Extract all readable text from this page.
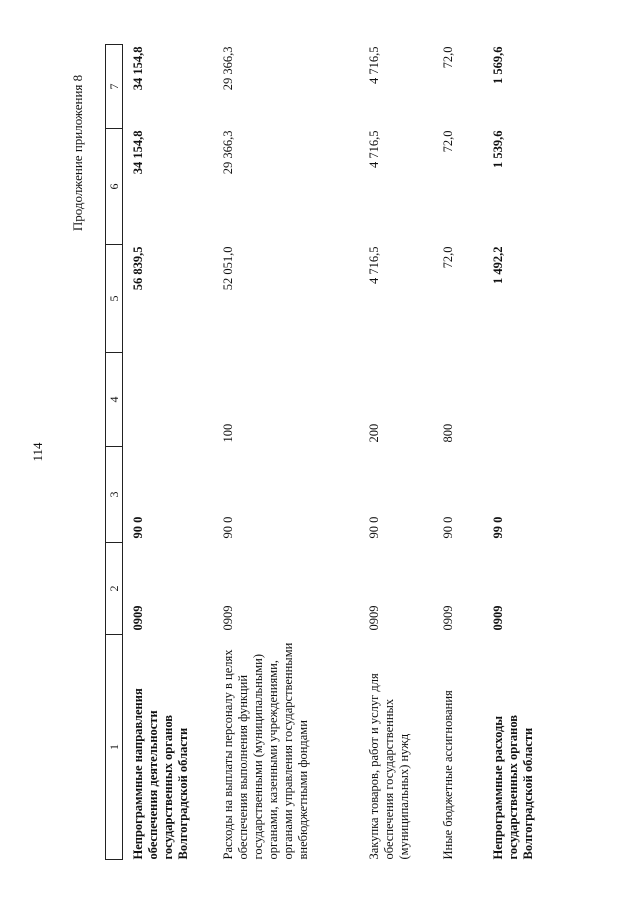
114
Продолжение приложения 8
1	2	3	4	5	6	7
Непрограммные направления обеспечения деятельности государственных органов Волгоградской области	0909	90 0		56 839,5	34 154,8	34 154,8
Расходы на выплаты персоналу в целях обеспечения выполнения функций государственными (муниципальными) органами, казенными учреждениями, органами управления государственными внебюджетными фондами	0909	90 0	100	52 051,0	29 366,3	29 366,3
Закупка товаров, работ и услуг для обеспечения государственных (муниципальных) нужд	0909	90 0	200	4 716,5	4 716,5	4 716,5
Иные бюджетные ассигнования	0909	90 0	800	72,0	72,0	72,0
Непрограммные расходы государственных органов Волгоградской области	0909	99 0		1 492,2	1 539,6	1 569,6
